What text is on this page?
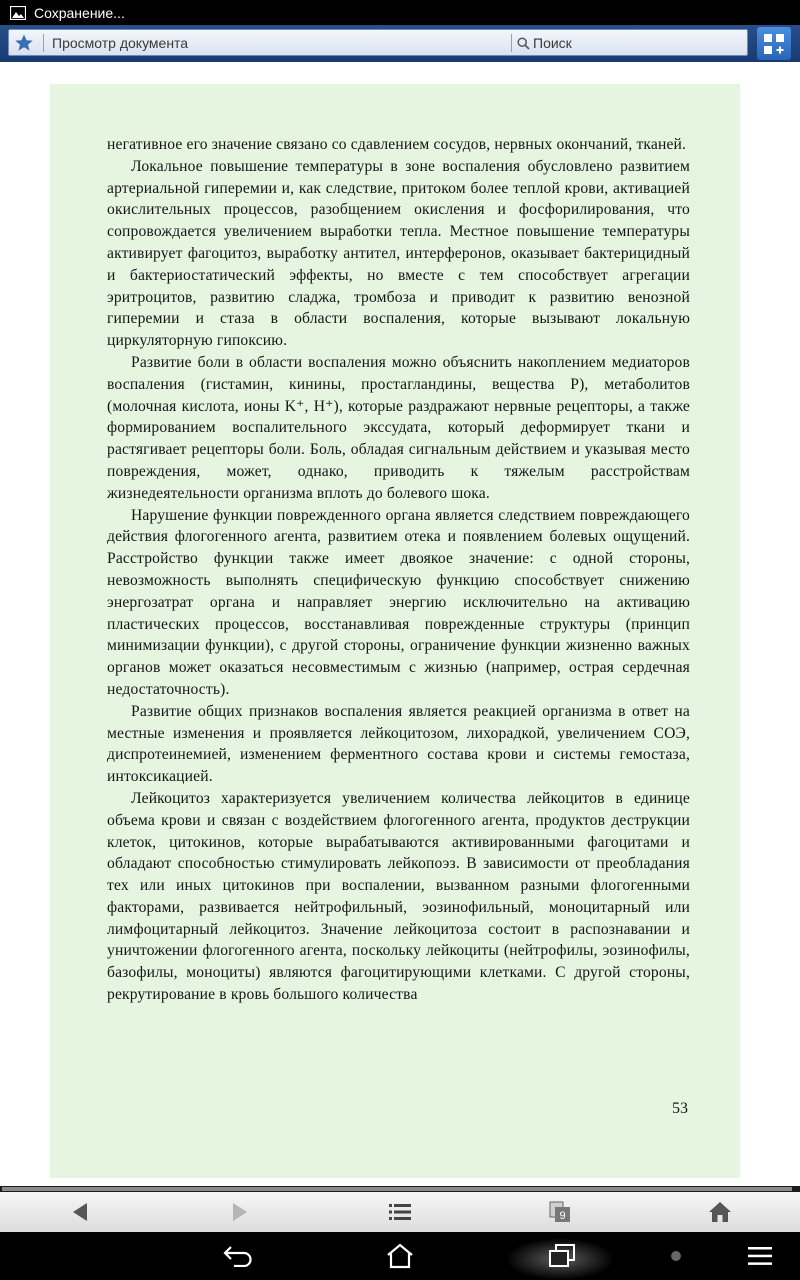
Сохранение...
Просмотр документа	Поиск

негативное его значение связано со сдавлением сосудов, нервных окончаний, тканей.

Локальное повышение температуры в зоне воспаления обусловлено развитием артериальной гиперемии и, как следствие, притоком более теплой крови, активацией окислительных процессов, разобщением окисления и фосфорилирования, что сопровождается увеличением выработки тепла. Местное повышение температуры активирует фагоцитоз, выработку антител, интерферонов, оказывает бактерицидный и бактериостатический эффекты, но вместе с тем способствует агрегации эритроцитов, развитию сладжа, тромбоза и приводит к развитию венозной гиперемии и стаза в области воспаления, которые вызывают локальную циркуляторную гипоксию.

Развитие боли в области воспаления можно объяснить накоплением медиаторов воспаления (гистамин, кинины, простагландины, вещества Р), метаболитов (молочная кислота, ионы K⁺, H⁺), которые раздражают нервные рецепторы, а также формированием воспалительного экссудата, который деформирует ткани и растягивает рецепторы боли. Боль, обладая сигнальным действием и указывая место повреждения, может, однако, приводить к тяжелым расстройствам жизнедеятельности организма вплоть до болевого шока.

Нарушение функции поврежденного органа является следствием повреждающего действия флогогенного агента, развитием отека и появлением болевых ощущений. Расстройство функции также имеет двоякое значение: с одной стороны, невозможность выполнять специфическую функцию способствует снижению энергозатрат органа и направляет энергию исключительно на активацию пластических процессов, восстанавливая поврежденные структуры (принцип минимизации функции), с другой стороны, ограничение функции жизненно важных органов может оказаться несовместимым с жизнью (например, острая сердечная недостаточность).

Развитие общих признаков воспаления является реакцией организма в ответ на местные изменения и проявляется лейкоцитозом, лихорадкой, увеличением СОЭ, диспротеинемией, изменением ферментного состава крови и системы гемостаза, интоксикацией.

Лейкоцитоз характеризуется увеличением количества лейкоцитов в единице объема крови и связан с воздействием флогогенного агента, продуктов деструкции клеток, цитокинов, которые вырабатываются активированными фагоцитами и обладают способностью стимулировать лейкопоэз. В зависимости от преобладания тех или иных цитокинов при воспалении, вызванном разными флогогенными факторами, развивается нейтрофильный, эозинофильный, моноцитарный или лимфоцитарный лейкоцитоз. Значение лейкоцитоза состоит в распознавании и уничтожении флогогенного агента, поскольку лейкоциты (нейтрофилы, эозинофилы, базофилы, моноциты) являются фагоцитирующими клетками. С другой стороны, рекрутирование в кровь большого количества

53
9
